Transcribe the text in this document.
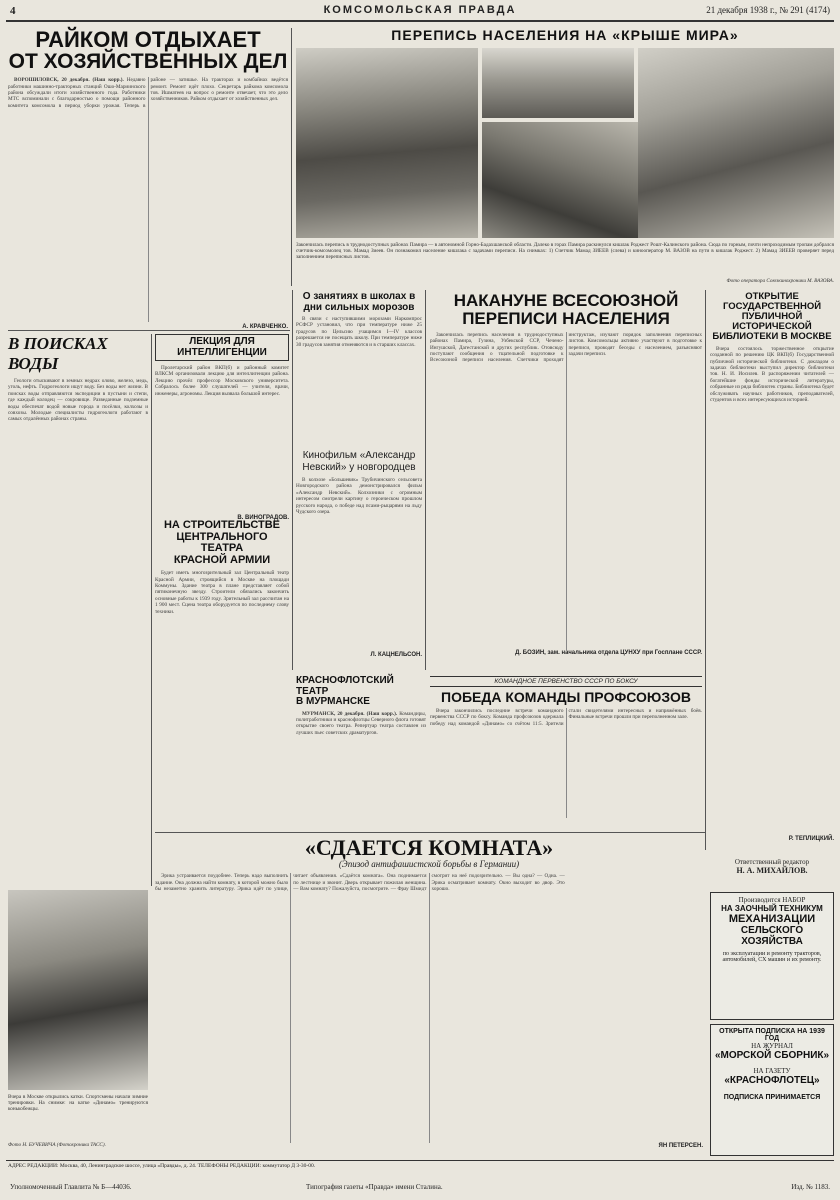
4	КОМСОМОЛЬСКАЯ ПРАВДА	21 декабря 1938 г., № 291 (4174)
РАЙКОМ ОТДЫХАЕТ
ОТ ХОЗЯЙСТВЕННЫХ ДЕЛ

ВОРОШИЛОВСК, 20 декабря. (Наш корр.). Недавно работники машинно-тракторных станций Ошо-Мариинского района обсуждали итоги хозяйственного года. Работники МТС вспоминали с благодарностью о помощи районного комитета комсомола в период уборки урожая. Теперь в районе — затишье. На тракторах и комбайнах ведётся ремонт. Ремонт идёт плохо. Секретарь райкома комсомола тов. Ишматеев на вопрос о ремонте отвечает, что это дело хозяйственников. Райком отдыхает от хозяйственных дел.

А. КРАВЧЕНКО.
ПЕРЕПИСЬ НАСЕЛЕНИЯ НА «КРЫШЕ МИРА»
Закончилась перепись в труднодоступных районах Памира — в автономной Горно-Бадахшанской области. Далеко в горах Памира раскинулся кишлак Роджест Рошт-Калинского района. Сюда по горным, почти непроходимым тропам добрался счетчик-комсомолец тов. Мамад Зиеев. Он познакомил население кишлака с задачами переписи. На снимках: 1) Счетчик Мамад ЗИЕЕВ (слева) и кинооператор М. ВАЗОВ на пути в кишлак Роджест. 2) Мамад ЗИЕЕВ проверяет перед заполнением переписных листов.
Фото оператора Союзкинохроники М. ВАЗОВА.
В ПОИСКАХ ВОДЫ

Геологи отыскивают в земных недрах олово, железо, медь, уголь, нефть. Гидрогеологи ищут воду. Без воды нет жизни. В поисках воды отправляются экспедиции в пустыни и степи, где каждый колодец — сокровище. Разведанные подземные воды обеспечат водой новые города и посёлки, колхозы и совхозы. Молодые специалисты гидрогеологи работают в самых отдалённых районах страны.

ЛЕКЦИЯ ДЛЯ ИНТЕЛЛИГЕНЦИИ

Пролетарский район ВКП(б) и районный комитет ВЛКСМ организовали лекцию для интеллигенции района. Лекцию прочёл профессор Московского университета. Собралось более 300 слушателей — учителя, врачи, инженеры, агрономы. Лекция вызвала большой интерес.

В. ВИНОГРАДОВ.
НА СТРОИТЕЛЬСТВЕ
ЦЕНТРАЛЬНОГО ТЕАТРА
КРАСНОЙ АРМИИ

Будет иметь многозрительный зал Центральный театр Красной Армии, строящийся в Москве на площади Коммуны. Здание театра в плане представляет собой пятиконечную звезду. Строители обязались закончить основные работы к 1939 году. Зрительный зал рассчитан на 1 900 мест. Сцена театра оборудуется по последнему слову техники.

О занятиях в школах в дни сильных морозов

В связи с наступившими морозами Наркомпрос РСФСР установил, что при температуре ниже 25 градусов по Цельсию учащимся I—IV классов разрешается не посещать школу. При температуре ниже 30 градусов занятия отменяются и в старших классах.

Кинофильм «Александр Невский» у новгородцев

В колхозе «Большевик» Трубичинского сельсовета Новгородского района демонстрировался фильм «Александр Невский». Колхозники с огромным интересом смотрели картину о героическом прошлом русского народа, о победе над псами-рыцарями на льду Чудского озера.

Л. КАЦНЕЛЬСОН.
НАКАНУНЕ ВСЕСОЮЗНОЙ
ПЕРЕПИСИ НАСЕЛЕНИЯ

Закончилась перепись населения в труднодоступных районах Памира, Гузина, Узбекской ССР, Чечено-Ингушской, Дагестанской и других республик. Отовсюду поступают сообщения о тщательной подготовке к Всесоюзной переписи населения. Счетчики проходят инструктаж, изучают порядок заполнения переписных листов. Комсомольцы активно участвуют в подготовке к переписи, проводят беседы с населением, разъясняют задачи переписи.

Д. БОЗИН, зам. начальника отдела ЦУНХУ при Госплане СССР.
ОТКРЫТИЕ ГОСУДАРСТВЕННОЙ ПУБЛИЧНОЙ ИСТОРИЧЕСКОЙ БИБЛИОТЕКИ В МОСКВЕ

Вчера состоялось торжественное открытие созданной по решению ЦК ВКП(б) Государственной публичной исторической библиотеки. С докладом о задачах библиотеки выступил директор библиотеки тов. Н. И. Иосилев. В распоряжении читателей — богатейшие фонды исторической литературы, собранные из ряда библиотек страны. Библиотека будет обслуживать научных работников, преподавателей, студентов и всех интересующихся историей.

Р. ТЕПЛИЦКИЙ.
КРАСНОФЛОТСКИЙ ТЕАТР
В МУРМАНСКЕ

МУРМАНСК, 20 декабря. (Наш корр.). Командиры, политработники и краснофлотцы Северного флота готовят открытие своего театра. Репертуар театра составлен из лучших пьес советских драматургов.

КОМАНДНОЕ ПЕРВЕНСТВО СССР ПО БОКСУ
ПОБЕДА КОМАНДЫ ПРОФСОЮЗОВ

Вчера закончились последние встречи командного первенства СССР по боксу. Команда профсоюзов одержала победу над командой «Динамо» со счётом 11:5. Зрители стали свидетелями интересных и напряжённых боёв. Финальные встречи прошли при переполненном зале.

«СДАЕТСЯ КОМНАТА»
(Эпизод антифашистской борьбы в Германии)

Эрика устраивается поудобнее. Теперь надо выполнить задание. Она должна найти комнату, в которой можно было бы незаметно хранить литературу. Эрика идёт по улице, читает объявления. «Сдаётся комната». Она поднимается по лестнице и звонит. Дверь открывает пожилая женщина. — Вам комнату? Пожалуйста, посмотрите. — Фрау Шмидт смотрит на неё подозрительно. — Вы одна? — Одна. — Эрика осматривает комнату. Окно выходит во двор. Это хорошо.

ЯН ПЕТЕРСЕН.
Вчера в Москве открылись катки. Спортсмены начали зимние тренировки. На снимке: на катке «Динамо» тренируются конькобежцы.
Фото Н. БУЧЕВИЧА (Фотохроника ТАСС).
Ответственный редактор
Н. А. МИХАЙЛОВ.
Производится НАБОР
НА ЗАОЧНЫЙ ТЕХНИКУМ
МЕХАНИЗАЦИИ
СЕЛЬСКОГО ХОЗЯЙСТВА
по эксплуатации и ремонту тракторов, автомобилей, СХ машин и их ремонту.
ОТКРЫТА ПОДПИСКА НА 1939 ГОД
НА ЖУРНАЛ
«МОРСКОЙ СБОРНИК»
НА ГАЗЕТУ
«КРАСНОФЛОТЕЦ»
ПОДПИСКА ПРИНИМАЕТСЯ
АДРЕС РЕДАКЦИИ: Москва, 40, Ленинградское шоссе, улица «Правды», д. 24. ТЕЛЕФОНЫ РЕДАКЦИИ: коммутатор Д 3-30-00.
Уполномоченный Главлита № Б—44036.	Типография газеты «Правда» имени Сталина.	Изд. № 1183.
